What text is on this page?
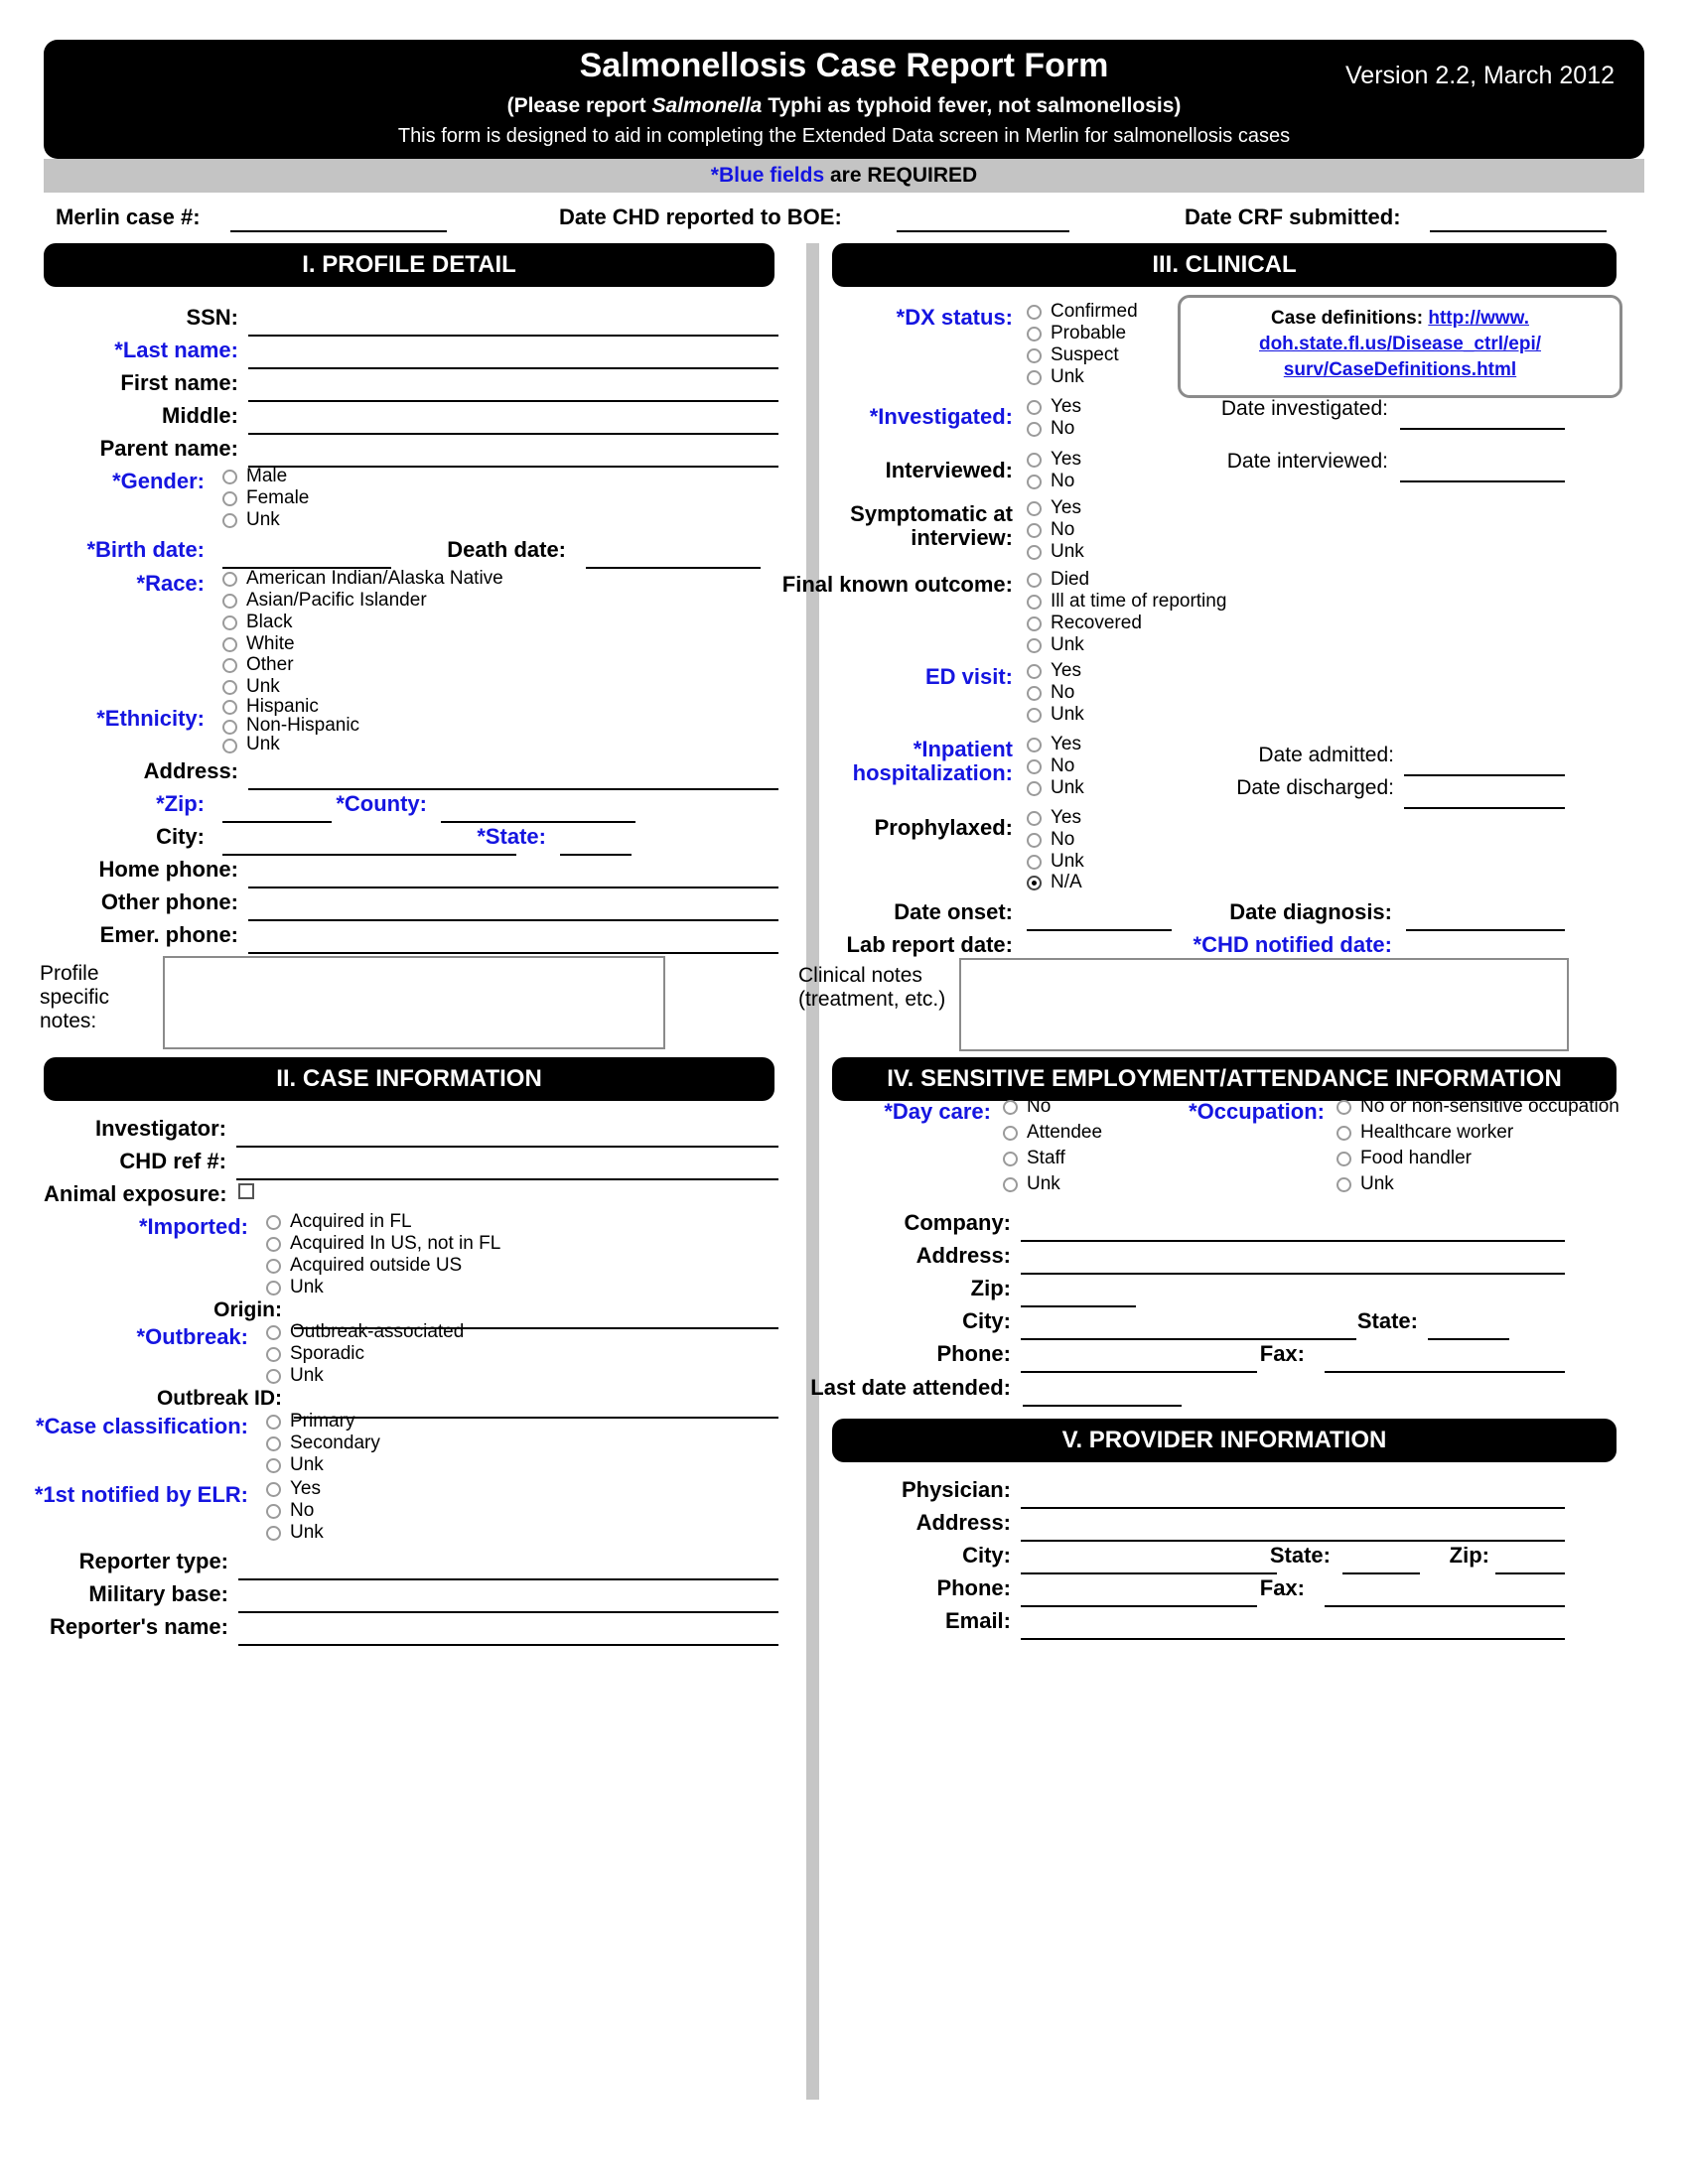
Salmonellosis Case Report Form	Version 2.2, March 2012
(Please report Salmonella Typhi as typhoid fever, not salmonellosis)
This form is designed to aid in completing the Extended Data screen in Merlin for salmonellosis cases
*Blue fields are REQUIRED
Merlin case #:	Date CHD reported to BOE:	Date CRF submitted:
I. PROFILE DETAIL
SSN:
*Last name:
First name:
Middle:
Parent name:
*Gender: Male
Female
Unk
*Birth date:	Death date:
*Race: American Indian/Alaska Native
Asian/Pacific Islander
Black
White
Other
Unk
*Ethnicity: Hispanic
Non-Hispanic
Unk
Address:
*Zip:	*County:
City:	*State:
Home phone:
Other phone:
Emer. phone:
Profile
specific
notes:
II. CASE INFORMATION
Investigator:
CHD ref #:
Animal exposure:
*Imported: Acquired in FL
Acquired In US, not in FL
Acquired outside US
Unk
Origin:
*Outbreak: Outbreak-associated
Sporadic
Unk
Outbreak ID:
*Case classification: Primary
Secondary
Unk
*1st notified by ELR: Yes
No
Unk
Reporter type:
Military base:
Reporter's name:
III. CLINICAL
*DX status: Confirmed
Probable
Suspect
Unk
Case definitions: http://www.
doh.state.fl.us/Disease_ctrl/epi/
surv/CaseDefinitions.html
*Investigated: Yes
No
Date investigated:
Interviewed: Yes
No
Date interviewed:
Symptomatic at
interview:
Yes
No
Unk
Final known outcome: Died
Ill at time of reporting
Recovered
Unk
ED visit: Yes
No
Unk
*Inpatient
hospitalization:
Yes
No
Unk
Date admitted:
Date discharged:
Prophylaxed: Yes
No
Unk
N/A
Date onset:	Date diagnosis:
Lab report date:	*CHD notified date:
Clinical notes
(treatment, etc.)
IV. SENSITIVE EMPLOYMENT/ATTENDANCE INFORMATION
*Day care: No
Attendee
Staff
Unk
*Occupation: No or non-sensitive occupation
Healthcare worker
Food handler
Unk
Company:
Address:
Zip:
City:	State:
Phone:	Fax:
Last date attended:
V. PROVIDER INFORMATION
Physician:
Address:
City:	State:	Zip:
Phone:	Fax:
Email:
